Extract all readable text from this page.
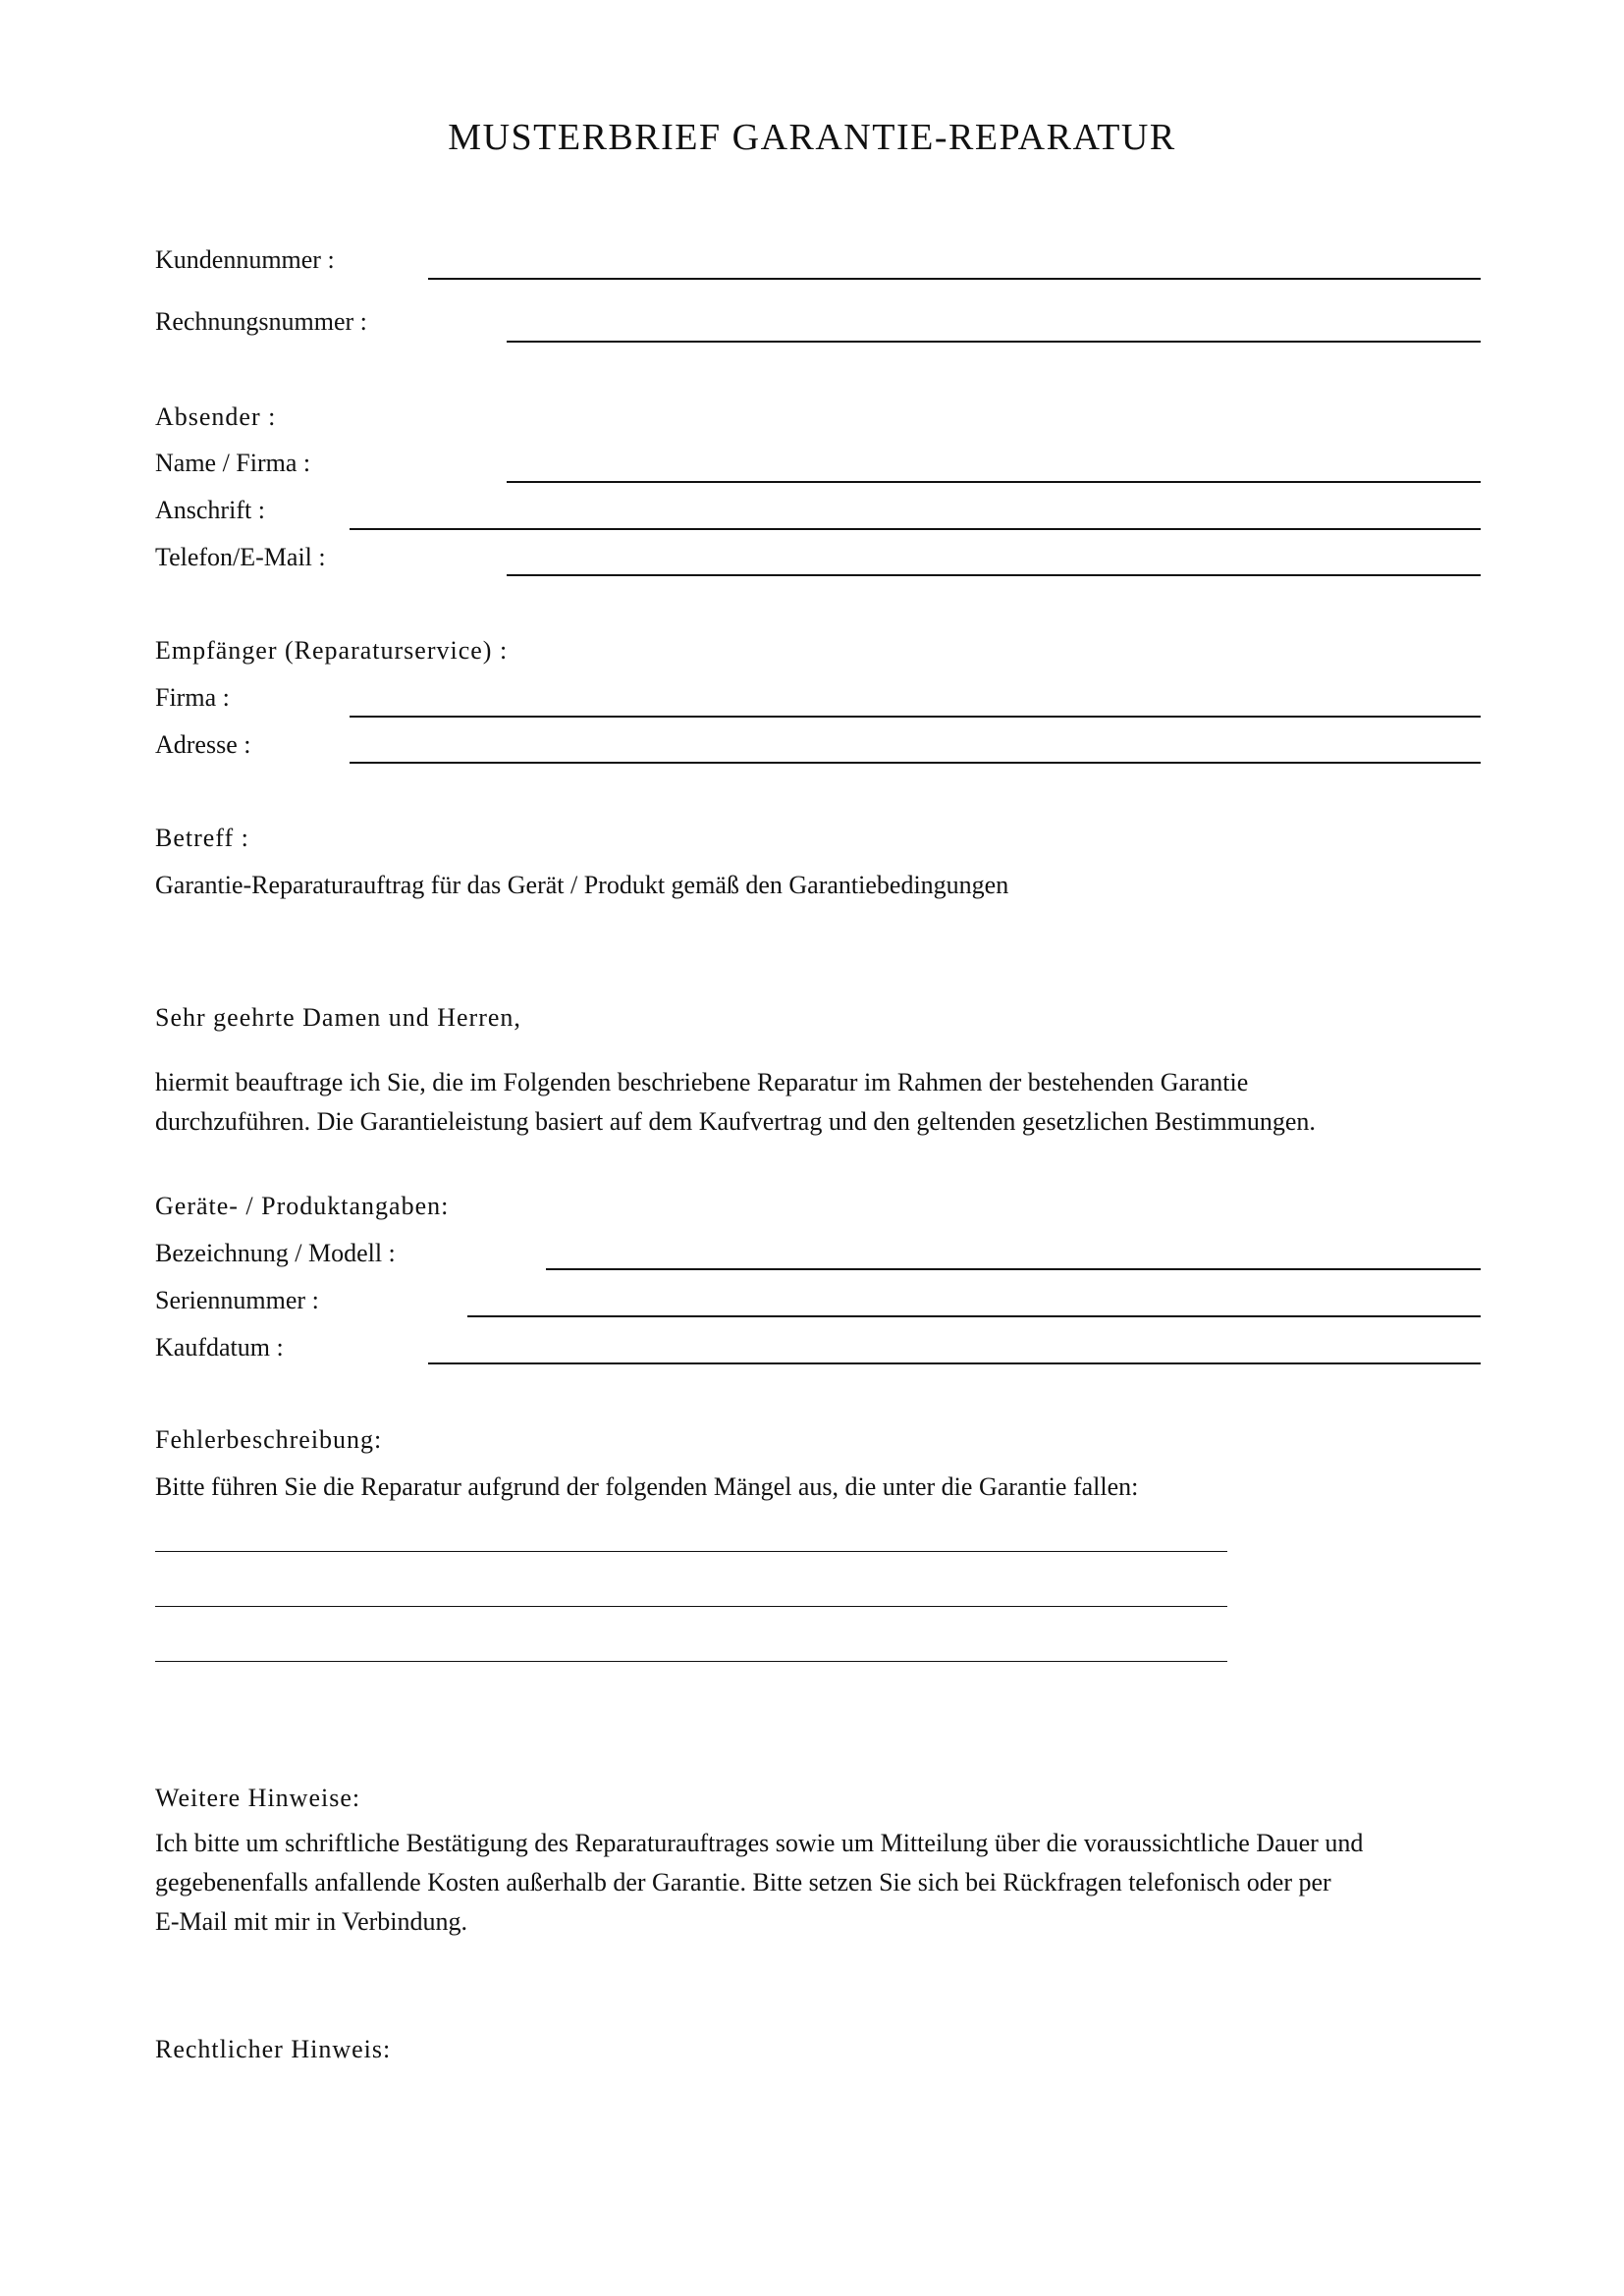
MUSTERBRIEF GARANTIE-REPARATUR
Kundennummer :
Rechnungsnummer :
Absender :
Name / Firma :
Anschrift :
Telefon/E-Mail :
Empfänger (Reparaturservice) :
Firma :
Adresse :
Betreff :
Garantie-Reparaturauftrag für das Gerät / Produkt gemäß den Garantiebedingungen
Sehr geehrte Damen und Herren,
hiermit beauftrage ich Sie, die im Folgenden beschriebene Reparatur im Rahmen der bestehenden Garantie
durchzuführen. Die Garantieleistung basiert auf dem Kaufvertrag und den geltenden gesetzlichen Bestimmungen.
Geräte- / Produktangaben:
Bezeichnung / Modell :
Seriennummer :
Kaufdatum :
Fehlerbeschreibung:
Bitte führen Sie die Reparatur aufgrund der folgenden Mängel aus, die unter die Garantie fallen:
Weitere Hinweise:
Ich bitte um schriftliche Bestätigung des Reparaturauftrages sowie um Mitteilung über die voraussichtliche Dauer und
gegebenenfalls anfallende Kosten außerhalb der Garantie. Bitte setzen Sie sich bei Rückfragen telefonisch oder per
E-Mail mit mir in Verbindung.
Rechtlicher Hinweis:
